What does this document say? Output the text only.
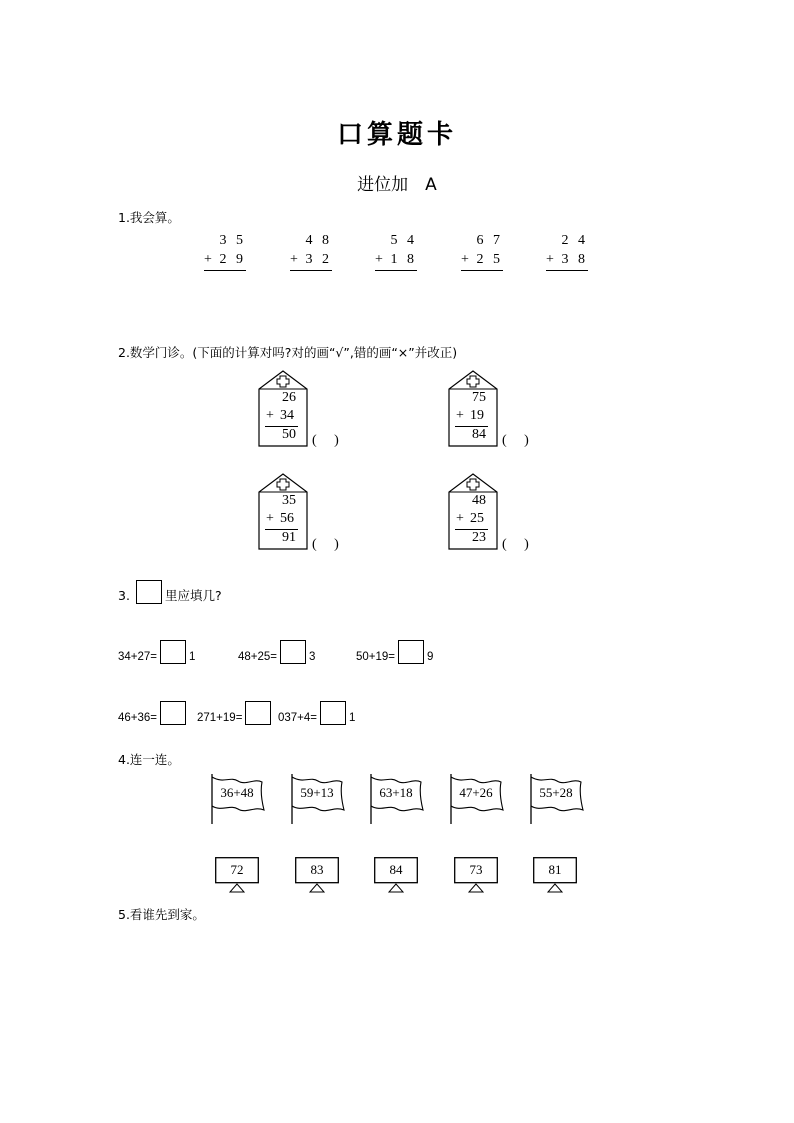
口算题卡
进位加　A
1.我会算。
3 5
+ 2 9
4 8
+ 3 2
5 4
+ 1 8
6 7
+ 2 5
2 4
+ 3 8
2.数学门诊。(下面的计算对吗?对的画“√”,错的画“×”并改正)
26
+ 34
50 (　 )
75
+ 19
84 (　 )
35
+ 56
91 (　 )
48
+ 25
23 (　 )
3.	里应填几?
34+27=	1	48+25=	3	50+19=	9
46+36=	271+19=	037+4=	1
4.连一连。
36+48	59+13	63+18	47+26	55+28
72	83	84	73	81
5.看谁先到家。
